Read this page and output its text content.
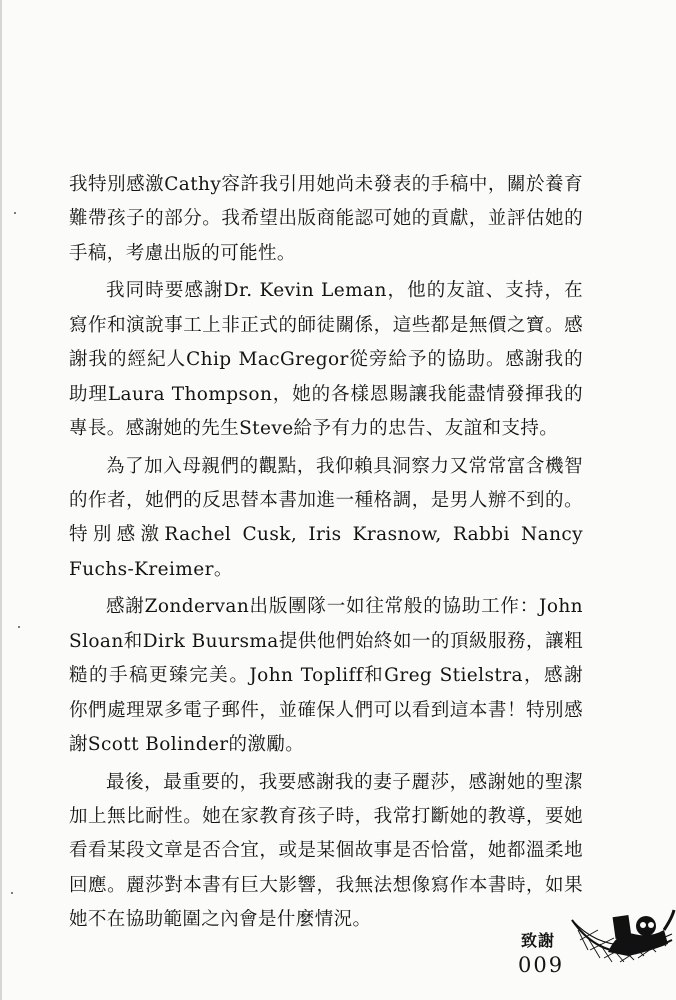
我特別感激Cathy容許我引用她尚未發表的手稿中，關於養育難帶孩子的部分。我希望出版商能認可她的貢獻，並評估她的手稿，考慮出版的可能性。

我同時要感謝Dr. Kevin Leman，他的友誼、支持，在寫作和演說事工上非正式的師徒關係，這些都是無價之寶。感謝我的經紀人Chip MacGregor從旁給予的協助。感謝我的助理Laura Thompson，她的各樣恩賜讓我能盡情發揮我的專長。感謝她的先生Steve給予有力的忠告、友誼和支持。

為了加入母親們的觀點，我仰賴具洞察力又常常富含機智的作者，她們的反思替本書加進一種格調，是男人辦不到的。特別感激Rachel Cusk, Iris Krasnow, Rabbi Nancy Fuchs-Kreimer。

感謝Zondervan出版團隊一如往常般的協助工作：John Sloan和Dirk Buursma提供他們始終如一的頂級服務，讓粗糙的手稿更臻完美。John Topliff和Greg Stielstra，感謝你們處理眾多電子郵件，並確保人們可以看到這本書！特別感謝Scott Bolinder的激勵。

最後，最重要的，我要感謝我的妻子麗莎，感謝她的聖潔加上無比耐性。她在家教育孩子時，我常打斷她的教導，要她看看某段文章是否合宜，或是某個故事是否恰當，她都溫柔地回應。麗莎對本書有巨大影響，我無法想像寫作本書時，如果她不在協助範圍之內會是什麼情況。

致謝
009
